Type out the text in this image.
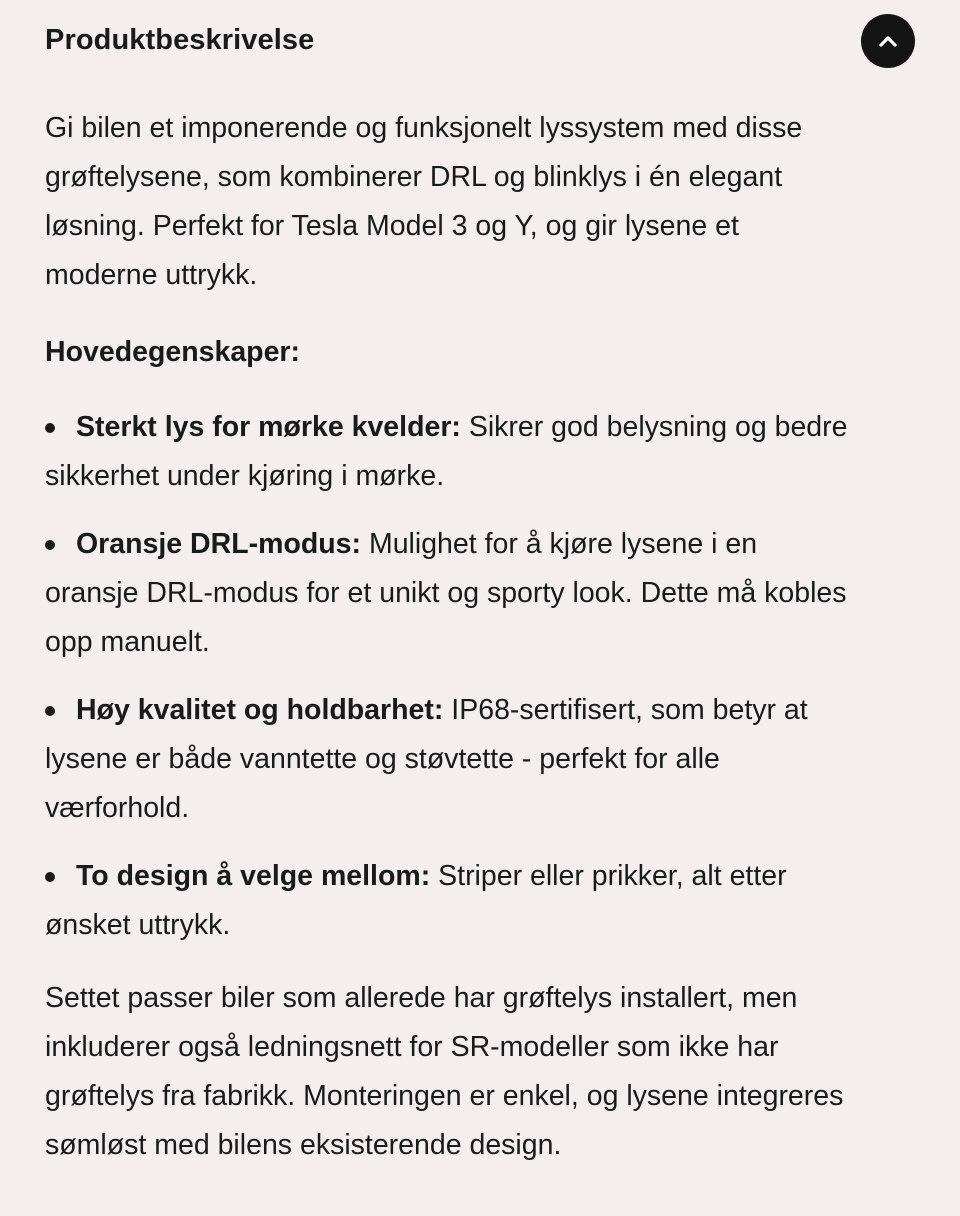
Produktbeskrivelse

Gi bilen et imponerende og funksjonelt lyssystem med disse grøftelysene, som kombinerer DRL og blinklys i én elegant løsning. Perfekt for Tesla Model 3 og Y, og gir lysene et moderne uttrykk.

Hovedegenskaper:

Sterkt lys for mørke kvelder: Sikrer god belysning og bedre sikkerhet under kjøring i mørke.
Oransje DRL-modus: Mulighet for å kjøre lysene i en oransje DRL-modus for et unikt og sporty look. Dette må kobles opp manuelt.
Høy kvalitet og holdbarhet: IP68-sertifisert, som betyr at lysene er både vanntette og støvtette - perfekt for alle værforhold.
To design å velge mellom: Striper eller prikker, alt etter ønsket uttrykk.

Settet passer biler som allerede har grøftelys installert, men inkluderer også ledningsnett for SR-modeller som ikke har grøftelys fra fabrikk. Monteringen er enkel, og lysene integreres sømløst med bilens eksisterende design.
